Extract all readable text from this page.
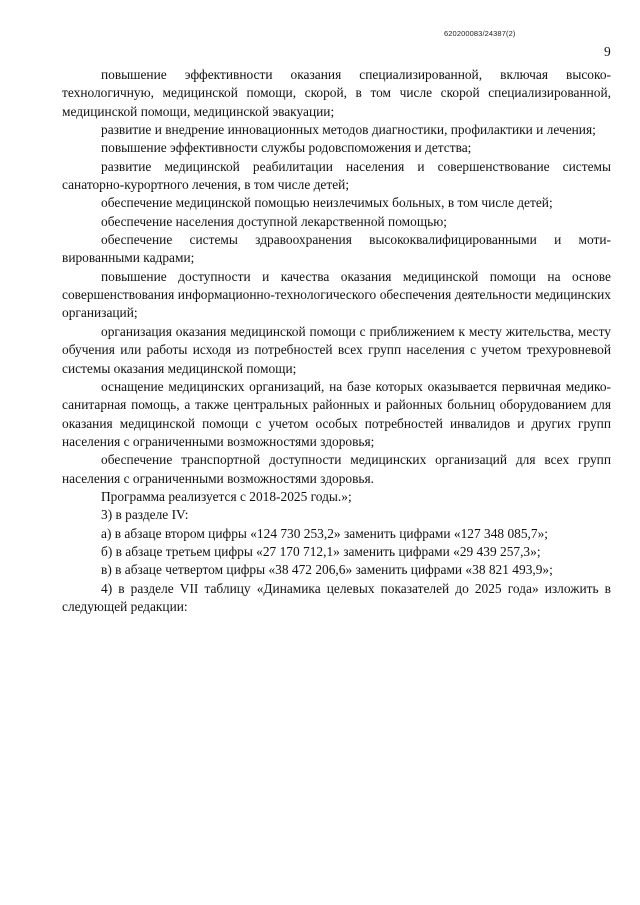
620200083/24387(2)
9

повышение эффективности оказания специализированной, включая высокотехнологичную, медицинской помощи, скорой, в том числе скорой специализированной, медицинской помощи, медицинской эвакуации;

развитие и внедрение инновационных методов диагностики, профилактики и лечения;

повышение эффективности службы родовспоможения и детства;

развитие медицинской реабилитации населения и совершенствование системы санаторно-курортного лечения, в том числе детей;

обеспечение медицинской помощью неизлечимых больных, в том числе детей;

обеспечение населения доступной лекарственной помощью;

обеспечение системы здравоохранения высококвалифицированными и мотивированными кадрами;

повышение доступности и качества оказания медицинской помощи на основе совершенствования информационно-технологического обеспечения деятельности медицинских организаций;

организация оказания медицинской помощи с приближением к месту жительства, месту обучения или работы исходя из потребностей всех групп населения с учетом трехуровневой системы оказания медицинской помощи;

оснащение медицинских организаций, на базе которых оказывается первичная медико-санитарная помощь, а также центральных районных и районных больниц оборудованием для оказания медицинской помощи с учетом особых потребностей инвалидов и других групп населения с ограниченными возможностями здоровья;

обеспечение транспортной доступности медицинских организаций для всех групп населения с ограниченными возможностями здоровья.

Программа реализуется с 2018-2025 годы.»;

3) в разделе IV:

а) в абзаце втором цифры «124 730 253,2» заменить цифрами «127 348 085,7»;

б) в абзаце третьем цифры «27 170 712,1» заменить цифрами «29 439 257,3»;

в) в абзаце четвертом цифры «38 472 206,6» заменить цифрами «38 821 493,9»;

4) в разделе VII таблицу «Динамика целевых показателей до 2025 года» изложить в следующей редакции:
